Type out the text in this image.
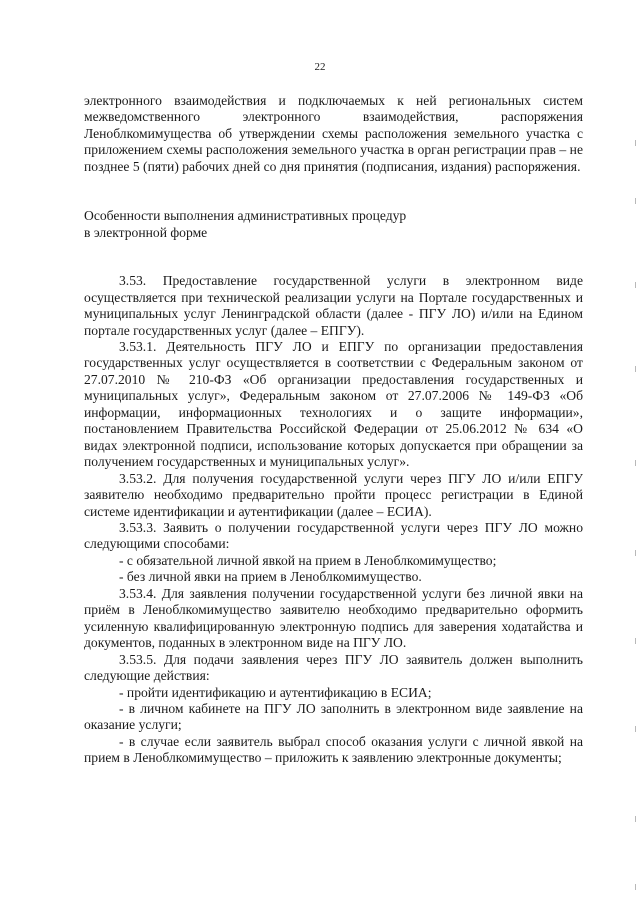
22

электронного взаимодействия и подключаемых к ней региональных систем межведомственного электронного взаимодействия, распоряжения Леноблкомимущества об утверждении схемы расположения земельного участка с приложением схемы расположения земельного участка в орган регистрации прав – не позднее 5 (пяти) рабочих дней со дня принятия (подписания, издания) распоряжения.

Особенности выполнения административных процедур

в электронной форме

3.53. Предоставление государственной услуги в электронном виде осуществляется при технической реализации услуги на Портале государственных и муниципальных услуг Ленинградской области (далее - ПГУ ЛО) и/или на Едином портале государственных услуг (далее – ЕПГУ).

3.53.1. Деятельность ПГУ ЛО и ЕПГУ по организации предоставления государственных услуг осуществляется в соответствии с Федеральным законом от 27.07.2010 № 210-ФЗ «Об организации предоставления государственных и муниципальных услуг», Федеральным законом от 27.07.2006 № 149-ФЗ «Об информации, информационных технологиях и о защите информации», постановлением Правительства Российской Федерации от 25.06.2012 № 634 «О видах электронной подписи, использование которых допускается при обращении за получением государственных и муниципальных услуг».

3.53.2. Для получения государственной услуги через ПГУ ЛО и/или ЕПГУ заявителю необходимо предварительно пройти процесс регистрации в Единой системе идентификации и аутентификации (далее – ЕСИА).

3.53.3. Заявить о получении государственной услуги через ПГУ ЛО можно следующими способами:

- с обязательной личной явкой на прием в Леноблкомимущество;

- без личной явки на прием в Леноблкомимущество.

3.53.4. Для заявления получении государственной услуги без личной явки на приём в Леноблкомимущество заявителю необходимо предварительно оформить усиленную квалифицированную электронную подпись для заверения ходатайства и документов, поданных в электронном виде на ПГУ ЛО.

3.53.5. Для подачи заявления через ПГУ ЛО заявитель должен выполнить следующие действия:

- пройти идентификацию и аутентификацию в ЕСИА;

- в личном кабинете на ПГУ ЛО заполнить в электронном виде заявление на оказание услуги;

- в случае если заявитель выбрал способ оказания услуги с личной явкой на прием в Леноблкомимущество – приложить к заявлению электронные документы;
